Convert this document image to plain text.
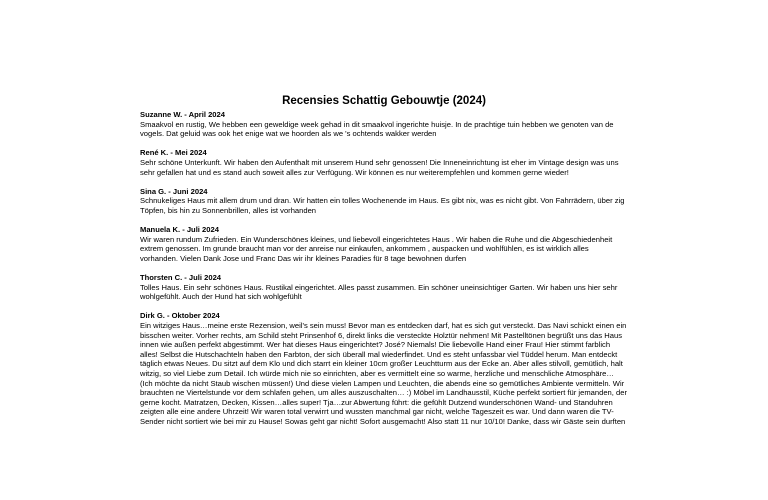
Recensies Schattig Gebouwtje (2024)
Suzanne W. - April 2024

Smaakvol en rustig, We hebben een geweldige week gehad in dit smaakvol ingerichte huisje. In de prachtige tuin hebben we genoten van de vogels. Dat geluid was ook het enige wat we hoorden als we 's ochtends wakker werden

René K. - Mei 2024

Sehr schöne Unterkunft. Wir haben den Aufenthalt mit unserem Hund sehr genossen! Die Inneneinrichtung ist eher im Vintage design was uns sehr gefallen hat und es stand auch soweit alles zur Verfügung. Wir können es nur weiterempfehlen und kommen gerne wieder!

Sina G. - Juni 2024

Schnukeliges Haus mit allem drum und dran. Wir hatten ein tolles Wochenende im Haus. Es gibt nix, was es nicht gibt. Von Fahrrädern, über zig Töpfen, bis hin zu Sonnenbrillen, alles ist vorhanden

Manuela K. - Juli 2024

Wir waren rundum Zufrieden. Ein Wunderschönes kleines, und liebevoll eingerichtetes Haus . Wir haben die Ruhe und die Abgeschiedenheit extrem genossen. Im grunde braucht man vor der anreise nur einkaufen, ankommem , auspacken und wohlfühlen, es ist wirklich alles vorhanden. Vielen Dank Jose und Franc Das wir ihr kleines Paradies für 8 tage bewohnen durfen

Thorsten C. - Juli 2024

Tolles Haus. Ein sehr schönes Haus. Rustikal eingerichtet. Alles passt zusammen. Ein schöner uneinsichtiger Garten. Wir haben uns hier sehr wohlgefühlt. Auch der Hund hat sich wohlgefühlt

Dirk G. - Oktober 2024

Ein witziges Haus…meine erste Rezension, weil's sein muss! Bevor man es entdecken darf, hat es sich gut versteckt. Das Navi schickt einen ein bisschen weiter. Vorher rechts, am Schild steht Prinsenhof 6, direkt links die versteckte Holztür nehmen! Mit Pastelltönen begrüßt uns das Haus innen wie außen perfekt abgestimmt. Wer hat dieses Haus eingerichtet? José? Niemals! Die liebevolle Hand einer Frau! Hier stimmt farblich alles! Selbst die Hutschachteln haben den Farbton, der sich überall mal wiederfindet. Und es steht unfassbar viel Tüddel herum. Man entdeckt täglich etwas Neues. Du sitzt auf dem Klo und dich starrt ein kleiner 10cm großer Leuchtturm aus der Ecke an. Aber alles stilvoll, gemütlich, halt witzig, so viel Liebe zum Detail. Ich würde mich nie so einrichten, aber es vermittelt eine so warme, herzliche und menschliche Atmosphäre… (Ich möchte da nicht Staub wischen müssen!) Und diese vielen Lampen und Leuchten, die abends eine so gemütliches Ambiente vermitteln. Wir brauchten ne Viertelstunde vor dem schlafen gehen, um alles auszuschalten… :) Möbel im Landhausstil, Küche perfekt sortiert für jemanden, der gerne kocht. Matratzen, Decken, Kissen…alles super! Tja…zur Abwertung führt: die gefühlt Dutzend wunderschönen Wand- und Standuhren zeigten alle eine andere Uhrzeit! Wir waren total verwirrt und wussten manchmal gar nicht, welche Tageszeit es war. Und dann waren die TV-Sender nicht sortiert wie bei mir zu Hause! Sowas geht gar nicht! Sofort ausgemacht! Also statt 11 nur 10/10! Danke, dass wir Gäste sein durften
